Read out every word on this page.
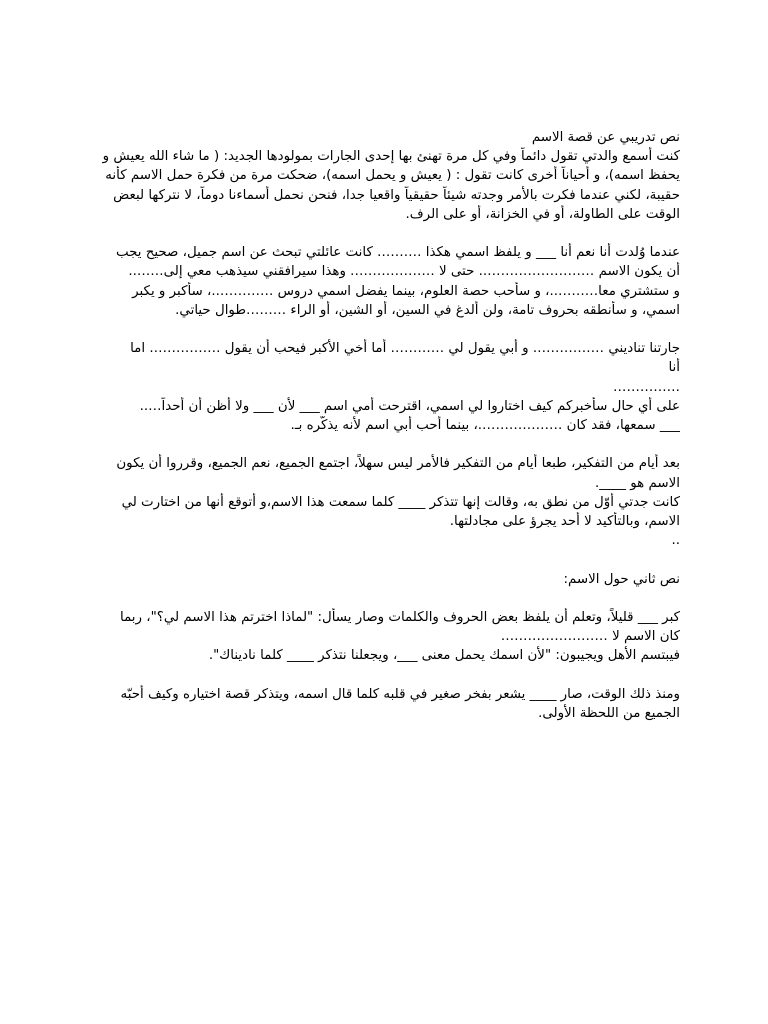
نص تدريبي عن قصة الاسم
كنت أسمع والدتي تقول دائماً وفي كل مرة تهنئ بها إحدى الجارات بمولودها الجديد: ( ما شاء الله يعيش و
يحفظ اسمه)، و أحياناً أخرى كانت تقول : ( يعيش و يحمل اسمه)، ضحكت مرة من فكرة حمل الاسم كأنه
حقيبة، لكني عندما فكرت بالأمر وجدته شيئاً حقيقياً واقعيا جدا، فنحن نحمل أسماءنا دوماً، لا نتركها لبعض
الوقت على الطاولة، أو في الخزانة، أو على الرف.
عندما وُلدت أنا نعم أنا ___ و يلفظ اسمي هكذا ………. كانت عائلتي تبحث عن اسم جميل، صحيح يجب
أن يكون الاسم …………………….. حتى لا ………………. وهذا سيرافقني سيذهب معي إلى……..
و ستشتري معا………..، و سأحب حصة العلوم، بينما يفضل اسمي دروس …………..، سأكبر و يكبر
اسمي، و سأنطقه بحروف تامة، ولن ألدغ في السين، أو الشين، أو الراء ………طوال حياتي.
جارتنا تناديني ……………. و أبي يقول لي ………… أما أخي الأكبر فيحب أن يقول ……………. اما
أنا
……………
على أي حال سأخبركم كيف اختاروا لي اسمي، اقترحت أمي اسم ___ لأن ___ ولا أظن أن أحداً…..
___ سمعها، فقد كان ……………….، بينما أحب أبي اسم لأنه يذكّره بـ.
بعد أيام من التفكير، طبعا أيام من التفكير فالأمر ليس سهلاً، اجتمع الجميع، نعم الجميع، وقرروا أن يكون
الاسم هو ____.
كانت جدتي أوّل من نطق به، وقالت إنها تتذكر ____ كلما سمعت هذا الاسم،و أتوقع أنها من اختارت لي
الاسم، وبالتأكيد لا أحد يجرؤ على مجادلتها.
..
نص ثاني حول الاسم:
كبر ___ قليلاً، وتعلم أن يلفظ بعض الحروف والكلمات وصار يسأل: "لماذا اخترتم هذا الاسم لي؟"، ربما
كان الاسم لا ……………………
فيبتسم الأهل ويجيبون: "لأن اسمك يحمل معنى ___، ويجعلنا نتذكر ____ كلما ناديناك".
ومنذ ذلك الوقت، صار ____ يشعر بفخر صغير في قلبه كلما قال اسمه، ويتذكر قصة اختياره وكيف أحبّه
الجميع من اللحظة الأولى.
